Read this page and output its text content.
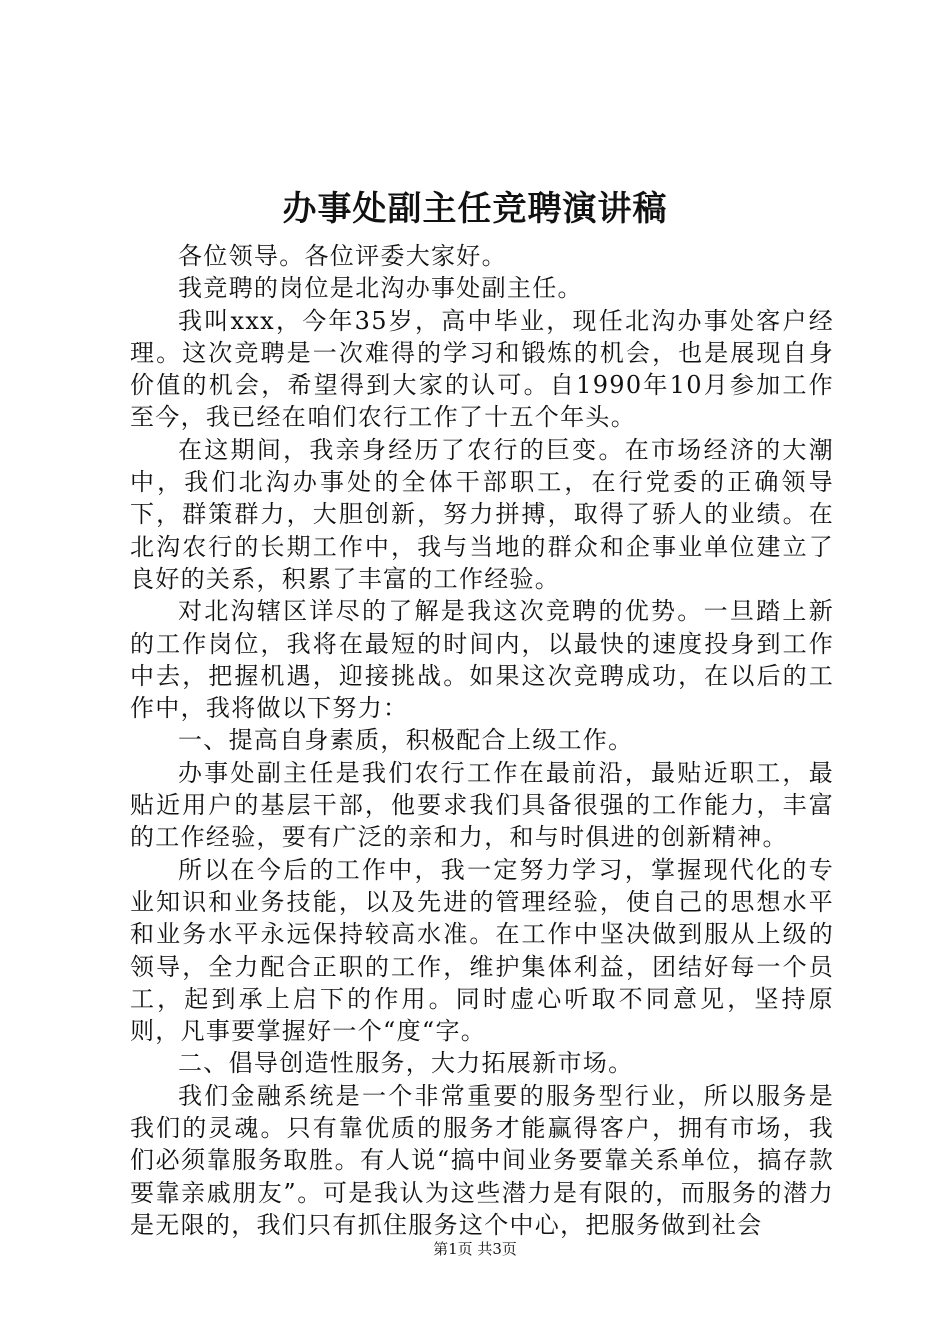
办事处副主任竞聘演讲稿

各位领导。各位评委大家好。

我竞聘的岗位是北沟办事处副主任。

我叫xxx，今年35岁，高中毕业，现任北沟办事处客户经理。这次竞聘是一次难得的学习和锻炼的机会，也是展现自身价值的机会，希望得到大家的认可。自1990年10月参加工作至今，我已经在咱们农行工作了十五个年头。

在这期间，我亲身经历了农行的巨变。在市场经济的大潮中，我们北沟办事处的全体干部职工，在行党委的正确领导下，群策群力，大胆创新，努力拼搏，取得了骄人的业绩。在北沟农行的长期工作中，我与当地的群众和企事业单位建立了良好的关系，积累了丰富的工作经验。

对北沟辖区详尽的了解是我这次竞聘的优势。一旦踏上新的工作岗位，我将在最短的时间内，以最快的速度投身到工作中去，把握机遇，迎接挑战。如果这次竞聘成功，在以后的工作中，我将做以下努力：

一、提高自身素质，积极配合上级工作。

办事处副主任是我们农行工作在最前沿，最贴近职工，最贴近用户的基层干部，他要求我们具备很强的工作能力，丰富的工作经验，要有广泛的亲和力，和与时俱进的创新精神。

所以在今后的工作中，我一定努力学习，掌握现代化的专业知识和业务技能，以及先进的管理经验，使自己的思想水平和业务水平永远保持较高水准。在工作中坚决做到服从上级的领导，全力配合正职的工作，维护集体利益，团结好每一个员工，起到承上启下的作用。同时虚心听取不同意见，坚持原则，凡事要掌握好一个“度“字。

二、倡导创造性服务，大力拓展新市场。

我们金融系统是一个非常重要的服务型行业，所以服务是我们的灵魂。只有靠优质的服务才能赢得客户，拥有市场，我们必须靠服务取胜。有人说“搞中间业务要靠关系单位，搞存款要靠亲戚朋友”。可是我认为这些潜力是有限的，而服务的潜力是无限的，我们只有抓住服务这个中心，把服务做到社会

第1页 共3页
